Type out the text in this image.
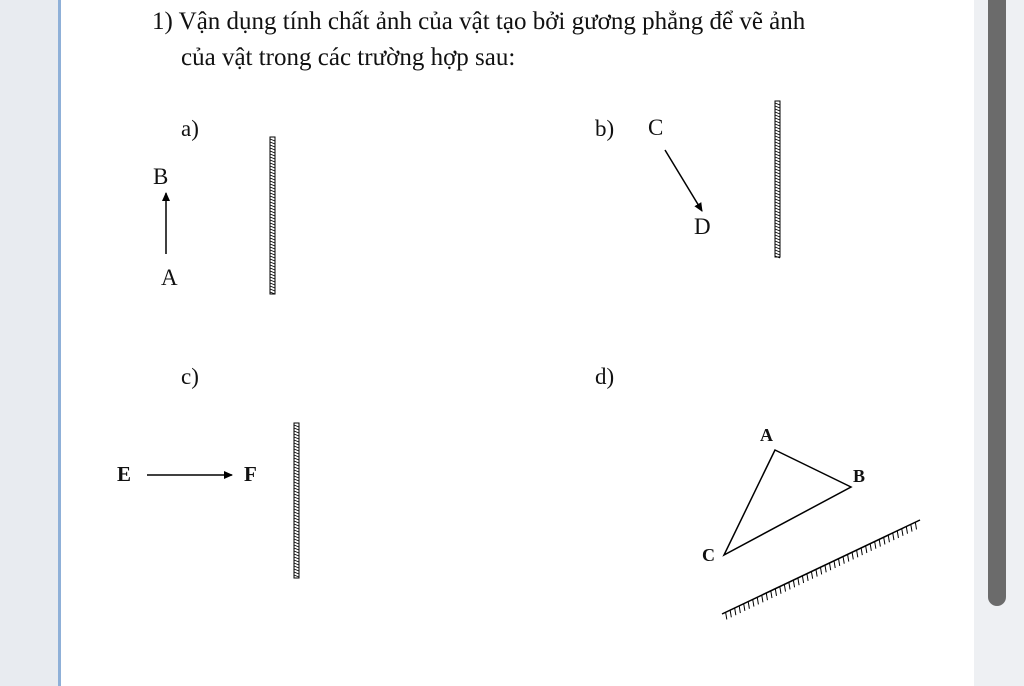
1) Vận dụng tính chất ảnh của vật tạo bởi gương phẳng để vẽ ảnh
của vật trong các trường hợp sau:
a)	b)
c)	d)
B
A
C
D
E	F
A
B
C
